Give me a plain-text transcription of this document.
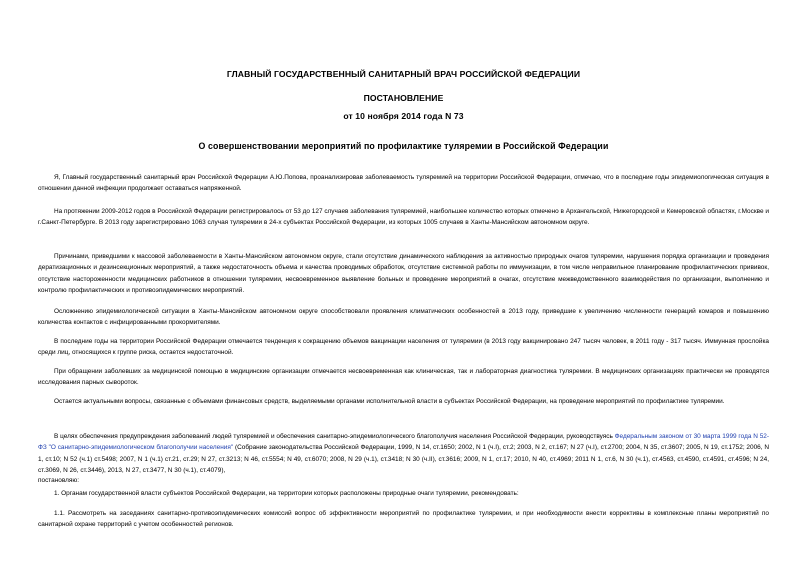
ГЛАВНЫЙ ГОСУДАРСТВЕННЫЙ САНИТАРНЫЙ ВРАЧ РОССИЙСКОЙ ФЕДЕРАЦИИ
ПОСТАНОВЛЕНИЕ
от 10 ноября 2014 года N 73
О совершенствовании мероприятий по профилактике туляремии в Российской Федерации

Я, Главный государственный санитарный врач Российской Федерации А.Ю.Попова, проанализировав заболеваемость туляремией на территории Российской Федерации, отмечаю, что в последние годы эпидемиологическая ситуация в отношении данной инфекции продолжает оставаться напряженной.

На протяжении 2009-2012 годов в Российской Федерации регистрировалось от 53 до 127 случаев заболевания туляремией, наибольшее количество которых отмечено в Архангельской, Нижегородской и Кемеровской областях, г.Москве и г.Санкт-Петербурге. В 2013 году зарегистрировано 1063 случая туляремии в 24-х субъектах Российской Федерации, из которых 1005 случаев в Ханты-Мансийском автономном округе.

Причинами, приведшими к массовой заболеваемости в Ханты-Мансийском автономном округе, стали отсутствие динамического наблюдения за активностью природных очагов туляремии, нарушения порядка организации и проведения дератизационных и дезинсекционных мероприятий, а также недостаточность объема и качества проводимых обработок, отсутствие системной работы по иммунизации, в том числе неправильное планирование профилактических прививок, отсутствие настороженности медицинских работников в отношении туляремии, несвоевременное выявление больных и проведение мероприятий в очагах, отсутствие межведомственного взаимодействия по организации, выполнению и контролю профилактических и противоэпидемических мероприятий.

Осложнению эпидемиологической ситуации в Ханты-Мансийском автономном округе способствовали проявления климатических особенностей в 2013 году, приведшие к увеличению численности генераций комаров и повышению количества контактов с инфицированными прокормителями.

В последние годы на территории Российской Федерации отмечается тенденция к сокращению объемов вакцинации населения от туляремии (в 2013 году вакцинировано 247 тысяч человек, в 2011 году - 317 тысяч. Иммунная прослойка среди лиц, относящихся к группе риска, остается недостаточной.

При обращении заболевших за медицинской помощью в медицинские организации отмечается несвоевременная как клиническая, так и лабораторная диагностика туляремии. В медицинских организациях практически не проводятся исследования парных сывороток.

Остается актуальными вопросы, связанные с объемами финансовых средств, выделяемыми органами исполнительной власти в субъектах Российской Федерации, на проведение мероприятий по профилактике туляремии.

В целях обеспечения предупреждения заболеваний людей туляремией и обеспечения санитарно-эпидемиологического благополучия населения Российской Федерации, руководствуясь Федеральным законом от 30 марта 1999 года N 52-ФЗ "О санитарно-эпидемиологическом благополучии населения" (Собрание законодательства Российской Федерации, 1999, N 14, ст.1650; 2002, N 1 (ч.I), ст.2; 2003, N 2, ст.167; N 27 (ч.I), ст.2700; 2004, N 35, ст.3607; 2005, N 19, ст.1752; 2006, N 1, ст.10; N 52 (ч.1) ст.5498; 2007, N 1 (ч.1) ст.21, ст.29; N 27, ст.3213; N 46, ст.5554; N 49, ст.6070; 2008, N 29 (ч.1), ст.3418; N 30 (ч.II), ст.3616; 2009, N 1, ст.17; 2010, N 40, ст.4969; 2011 N 1, ст.6, N 30 (ч.1), ст.4563, ст.4590, ст.4591, ст.4596; N 24, ст.3069, N 26, ст.3446), 2013, N 27, ст.3477, N 30 (ч.1), ст.4079),

постановляю:

1. Органам государственной власти субъектов Российской Федерации, на территории которых расположены природные очаги туляремии, рекомендовать:

1.1. Рассмотреть на заседаниях санитарно-противоэпидемических комиссий вопрос об эффективности мероприятий по профилактике туляремии, и при необходимости внести коррективы в комплексные планы мероприятий по санитарной охране территорий с учетом особенностей регионов.
